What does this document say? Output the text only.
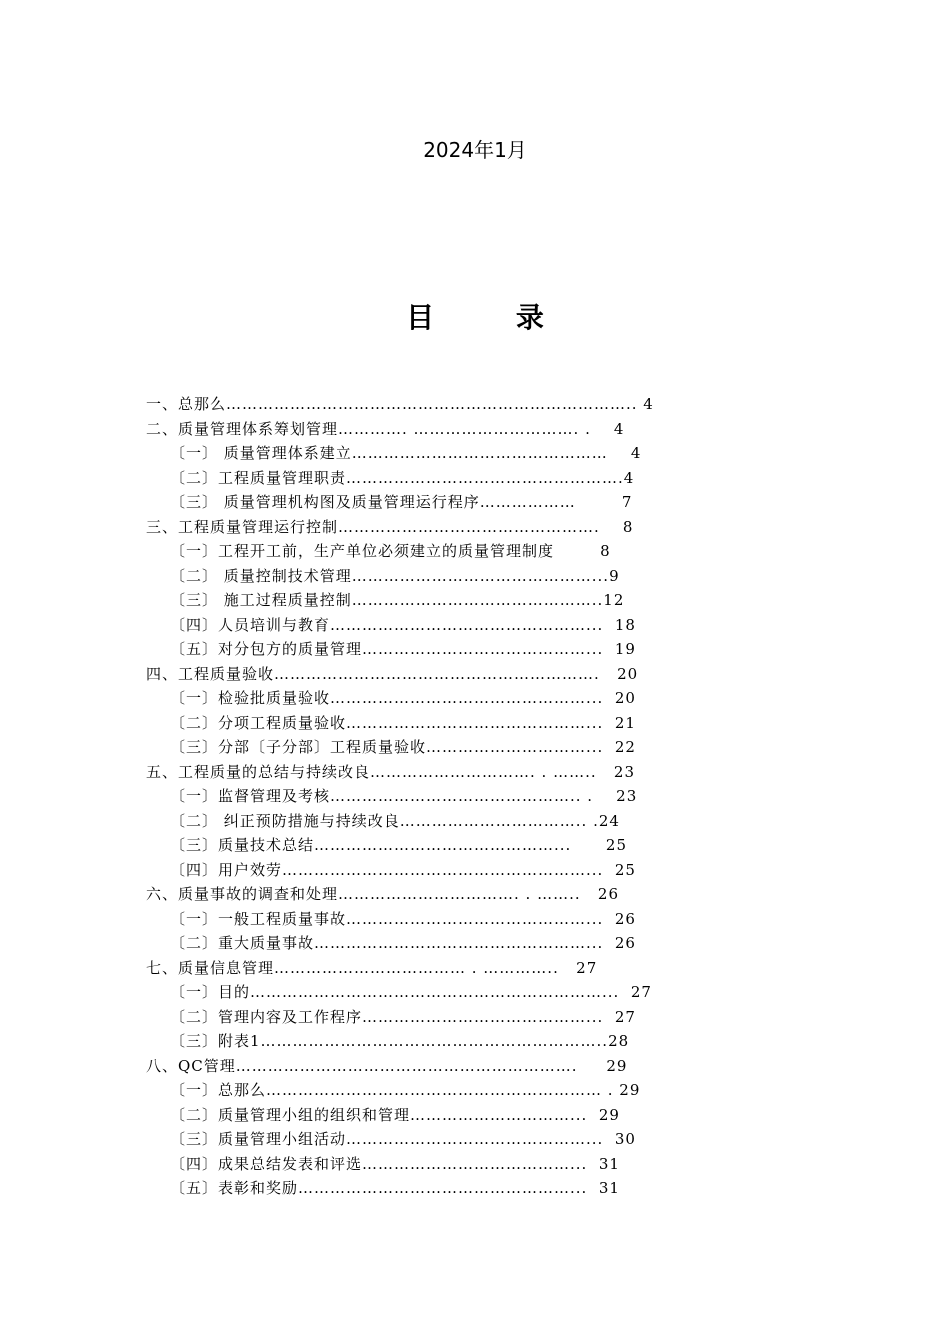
2024年1月
目 录
一、总那么………………………………………………………………….. 4
二、质量管理体系筹划管理…………. …………………………. .    4
〔一〕 质量管理体系建立…………………………………………    4
〔二〕工程质量管理职责…………………………………………….4
〔三〕 质量管理机构图及质量管理运行程序………………        7
三、工程质量管理运行控制………………………………………….    8
〔一〕工程开工前，生产单位必须建立的质量管理制度        8
〔二〕 质量控制技术管理………………………………………...9
〔三〕 施工过程质量控制………………………………………..12
〔四〕人员培训与教育…………………………………………...  18
〔五〕对分包方的质量管理……………………………………...  19
四、工程质量验收…………………………………………………….   20
〔一〕检验批质量验收…………………………………………...  20
〔二〕分项工程质量验收………………………………………...  21
〔三〕分部〔子分部〕工程质量验收…………………………...  22
五、工程质量的总结与持续改良…………………………. . ……..   23
〔一〕监督管理及考核……………………………………….. .    23
〔二〕 纠正预防措施与持续改良…………………………….. .24
〔三〕质量技术总结………………………………………...      25
〔四〕用户效劳…………………………………………………...  25
六、质量事故的调查和处理……………………………. . ……..   26
〔一〕一般工程质量事故………………………………………...  26
〔二〕重大质量事故……………………………………………...  26
七、质量信息管理……………………………… . …………..   27
〔一〕目的…………………………………………………………...  27
〔二〕管理内容及工作程序……………………………………...  27
〔三〕附表1………………………………………………………..28
八、QC管理……………………………………………………….     29
〔一〕总那么……………………………………………………… . 29
〔二〕质量管理小组的组织和管理…………………………...  29
〔三〕质量管理小组活动………………………………………...  30
〔四〕成果总结发表和评选…………………………………...  31
〔五〕表彰和奖励……………………………………………...  31
